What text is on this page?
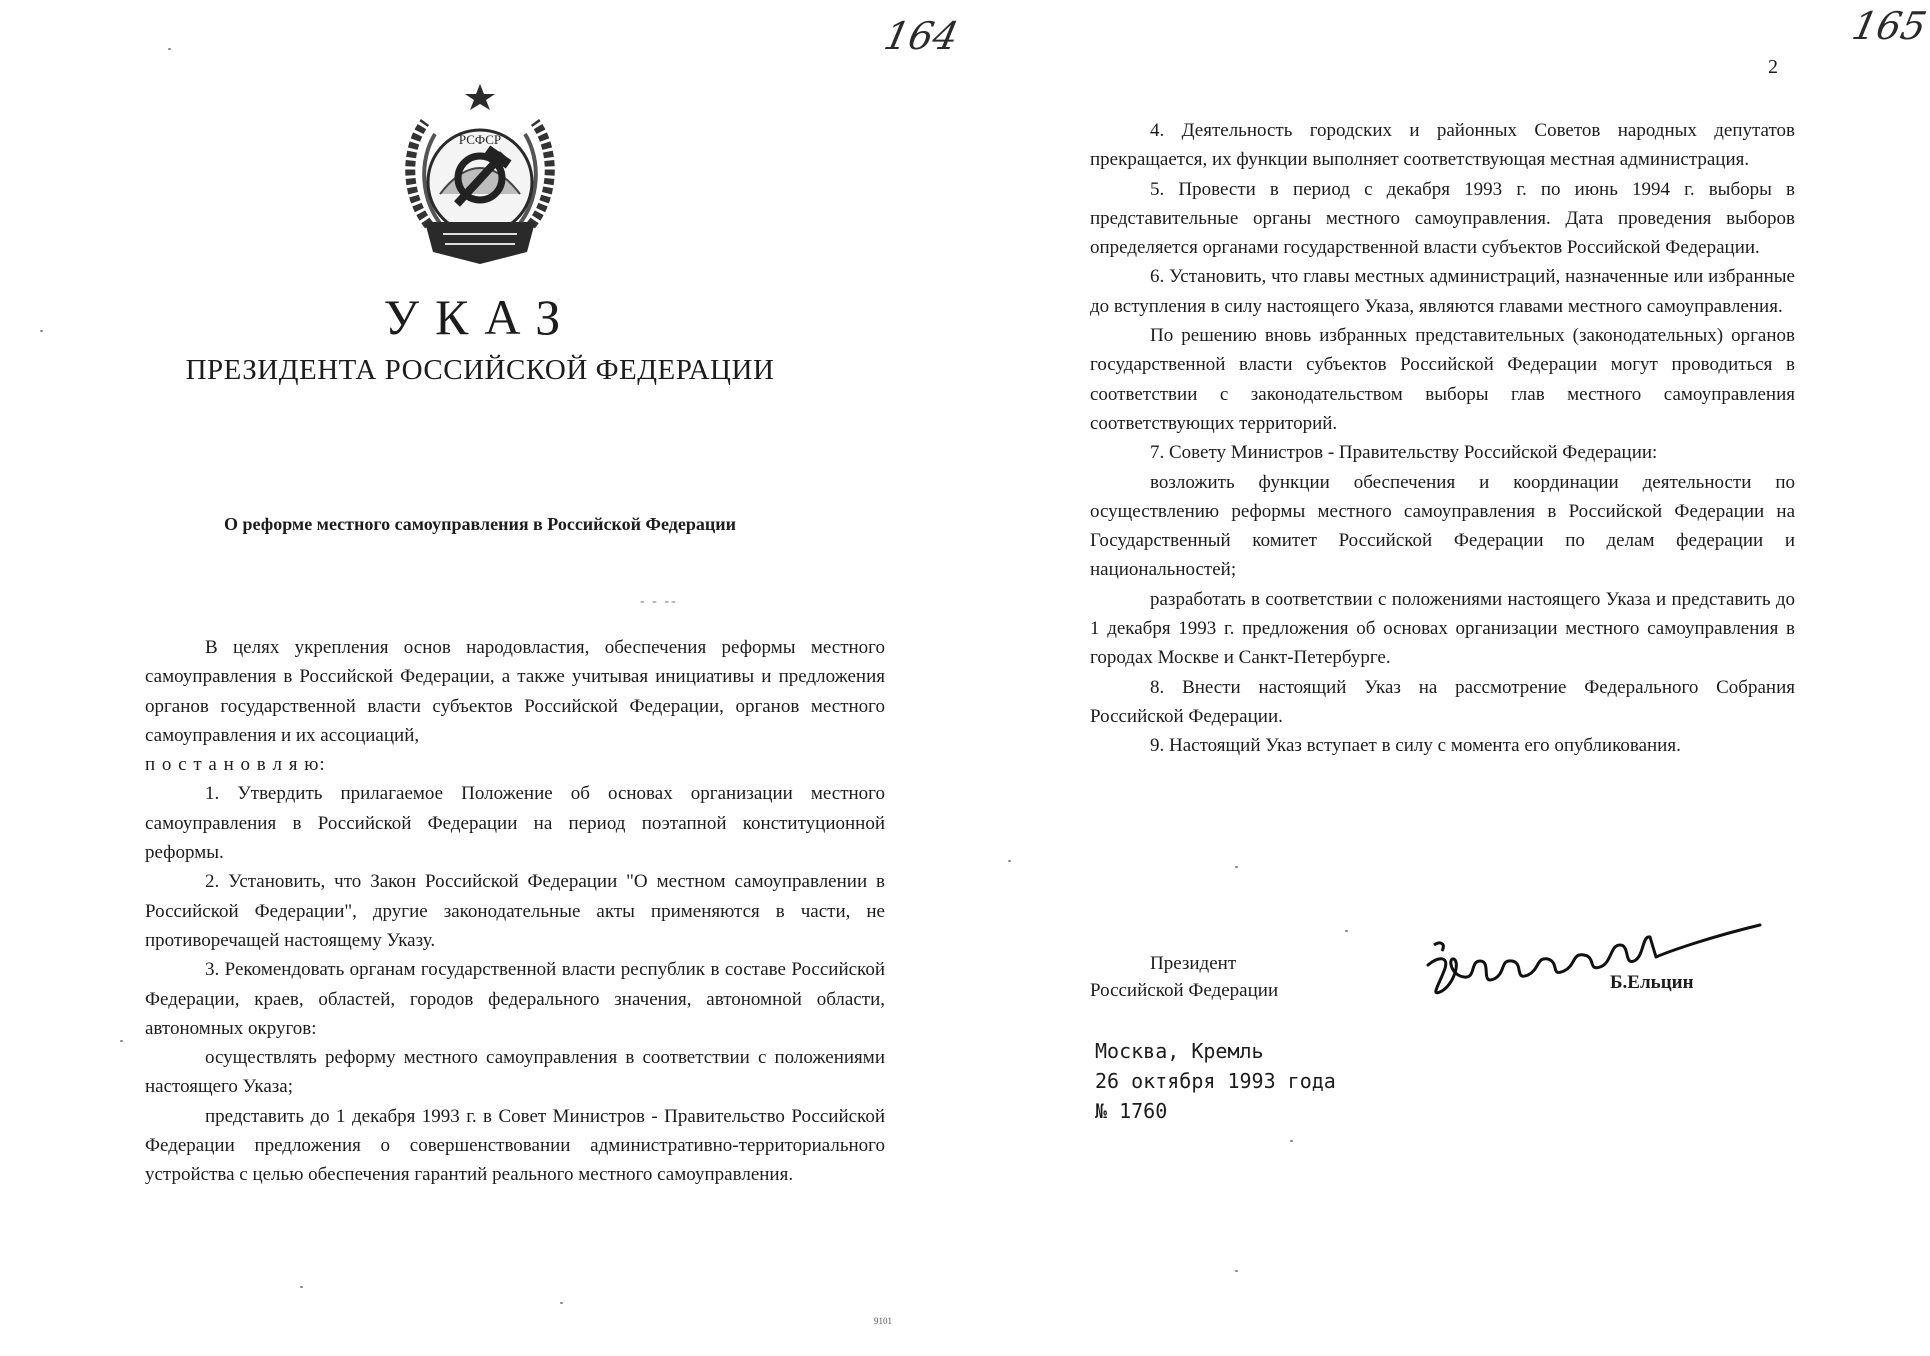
164
РСФСР
УКАЗ
ПРЕЗИДЕНТА РОССИЙСКОЙ ФЕДЕРАЦИИ
О реформе местного самоуправления в Российской Федерации
- - --

В целях укрепления основ народовластия, обеспечения реформы местного самоуправления в Российской Федерации, а также учитывая инициативы и предложения органов государственной власти субъектов Российской Федерации, органов местного самоуправления и их ассоциаций,

п о с т а н о в л я ю:

1. Утвердить прилагаемое Положение об основах организации местного самоуправления в Российской Федерации на период поэтапной конституционной реформы.

2. Установить, что Закон Российской Федерации "О местном самоуправлении в Российской Федерации", другие законодательные акты применяются в части, не противоречащей настоящему Указу.

3. Рекомендовать органам государственной власти республик в составе Российской Федерации, краев, областей, городов федерального значения, автономной области, автономных округов:

осуществлять реформу местного самоуправления в соответствии с положениями настоящего Указа;

представить до 1 декабря 1993 г. в Совет Министров - Правительство Российской Федерации предложения о совершенствовании административно-территориального устройства с целью обеспечения гарантий реального местного самоуправления.

9101
165
2

4. Деятельность городских и районных Советов народных депутатов прекращается, их функции выполняет соответствующая местная администрация.

5. Провести в период с декабря 1993 г. по июнь 1994 г. выборы в представительные органы местного самоуправления. Дата проведения выборов определяется органами государственной власти субъектов Российской Федерации.

6. Установить, что главы местных администраций, назначенные или избранные до вступления в силу настоящего Указа, являются главами местного самоуправления.

По решению вновь избранных представительных (законодательных) органов государственной власти субъектов Российской Федерации могут проводиться в соответствии с законодательством выборы глав местного самоуправления соответствующих территорий.

7. Совету Министров - Правительству Российской Федерации:

возложить функции обеспечения и координации деятельности по осуществлению реформы местного самоуправления в Российской Федерации на Государственный комитет Российской Федерации по делам федерации и национальностей;

разработать в соответствии с положениями настоящего Указа и представить до 1 декабря 1993 г. предложения об основах организации местного самоуправления в городах Москве и Санкт-Петербурге.

8. Внести настоящий Указ на рассмотрение Федерального Собрания Российской Федерации.

9. Настоящий Указ вступает в силу с момента его опубликования.

Президент
Российской Федерации	Б.Ельцин
Москва, Кремль
26 октября 1993 года
№ 1760
